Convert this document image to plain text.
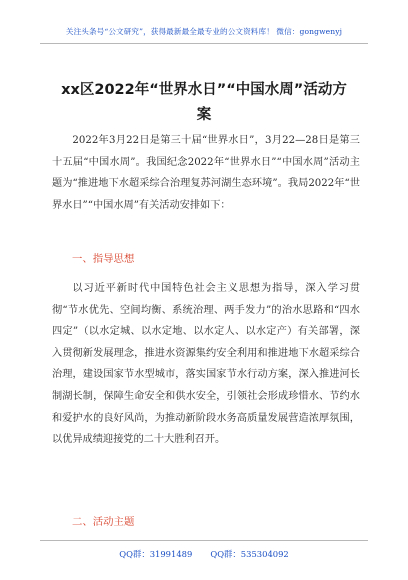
关注头条号“公文研究”，获得最新最全最专业的公文资料库！ 微信：gongwenyj
xx区2022年“世界水日”“中国水周”活动方案

2022年3月22日是第三十届“世界水日”，3月22—28日是第三十五届“中国水周”。我国纪念2022年“世界水日”“中国水周”活动主题为“推进地下水超采综合治理复苏河湖生态环境”。我局2022年“世界水日”“中国水周”有关活动安排如下：

一、指导思想

以习近平新时代中国特色社会主义思想为指导，深入学习贯彻“节水优先、空间均衡、系统治理、两手发力”的治水思路和“四水四定”（以水定城、以水定地、以水定人、以水定产）有关部署，深入贯彻新发展理念，推进水资源集约安全利用和推进地下水超采综合治理，建设国家节水型城市，落实国家节水行动方案，深入推进河长制湖长制，保障生命安全和供水安全，引领社会形成珍惜水、节约水和爱护水的良好风尚，为推动新阶段水务高质量发展营造浓厚氛围，以优异成绩迎接党的二十大胜利召开。

二、活动主题
QQ群：31991489 QQ群：535304092
